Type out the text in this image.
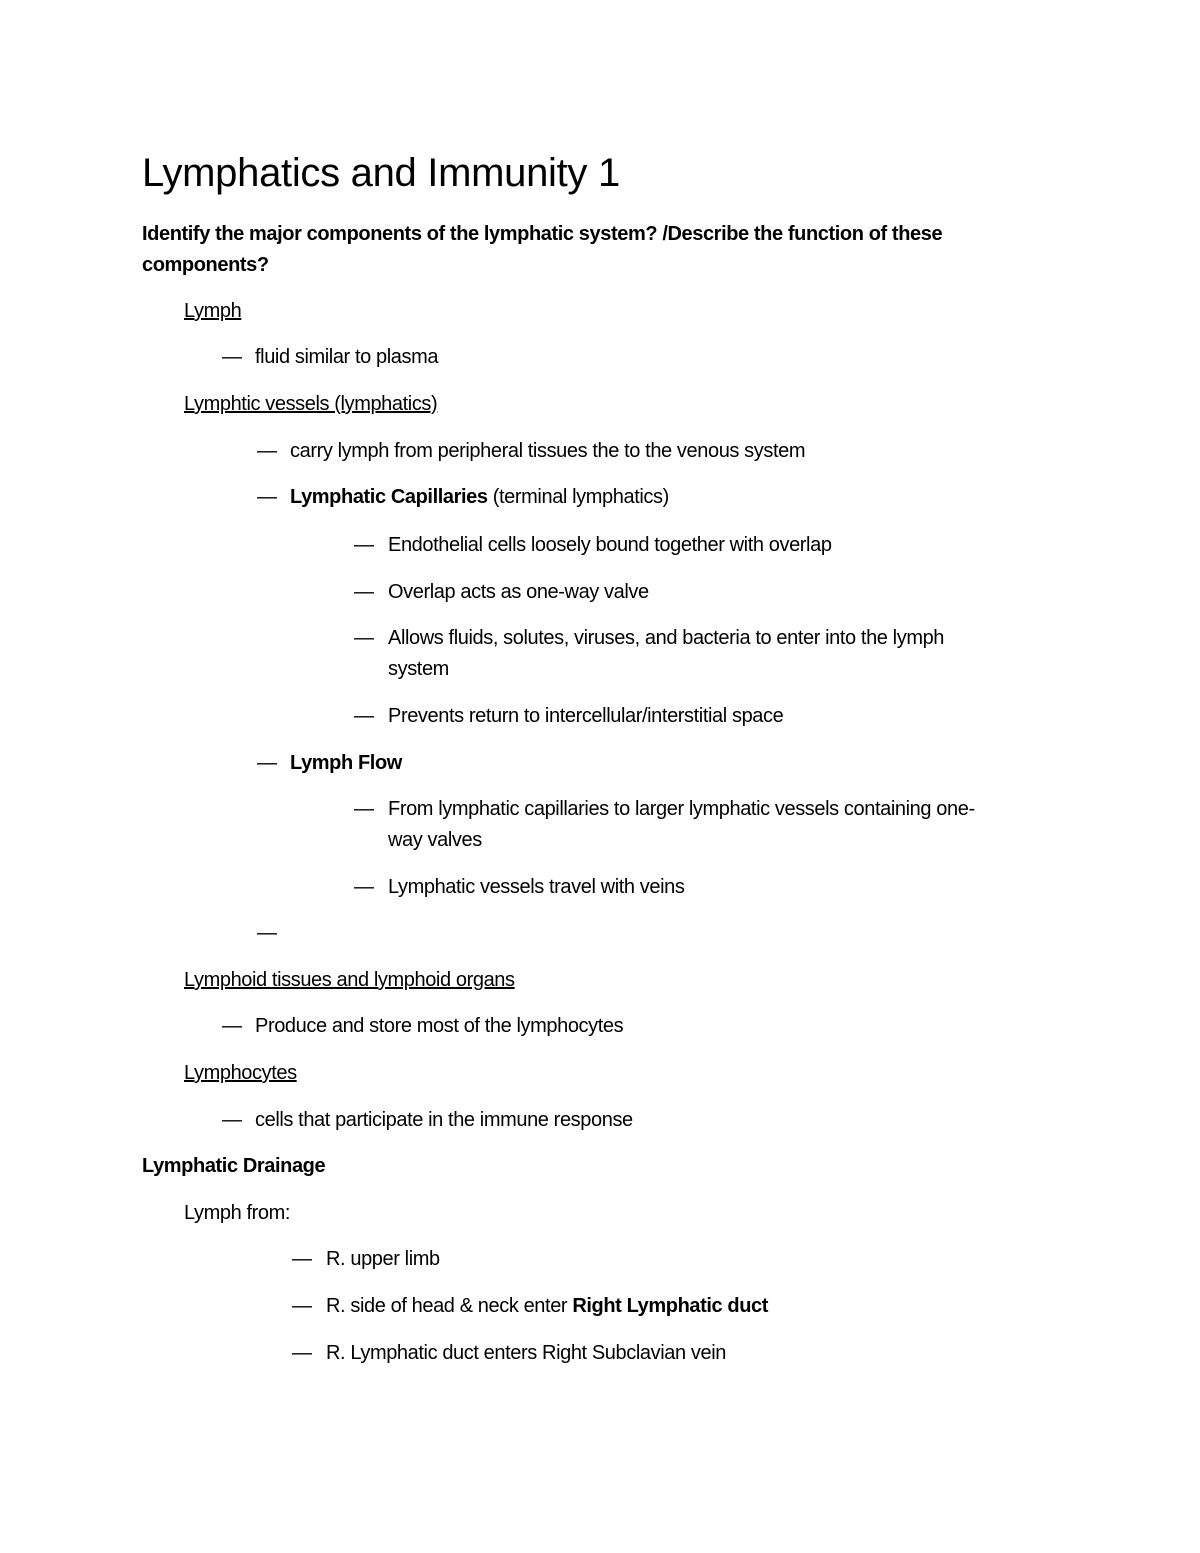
Lymphatics and Immunity 1
Identify the major components of the lymphatic system? /Describe the function of these
components?
Lymph
— fluid similar to plasma
Lymphtic vessels (lymphatics)
— carry lymph from peripheral tissues the to the venous system
— Lymphatic Capillaries (terminal lymphatics)
— Endothelial cells loosely bound together with overlap
— Overlap acts as one-way valve
— Allows fluids, solutes, viruses, and bacteria to enter into the lymph
system
— Prevents return to intercellular/interstitial space
— Lymph Flow
— From lymphatic capillaries to larger lymphatic vessels containing one-
way valves
— Lymphatic vessels travel with veins
—
Lymphoid tissues and lymphoid organs
— Produce and store most of the lymphocytes
Lymphocytes
— cells that participate in the immune response
Lymphatic Drainage
Lymph from:
— R. upper limb
— R. side of head & neck enter Right Lymphatic duct
— R. Lymphatic duct enters Right Subclavian vein
